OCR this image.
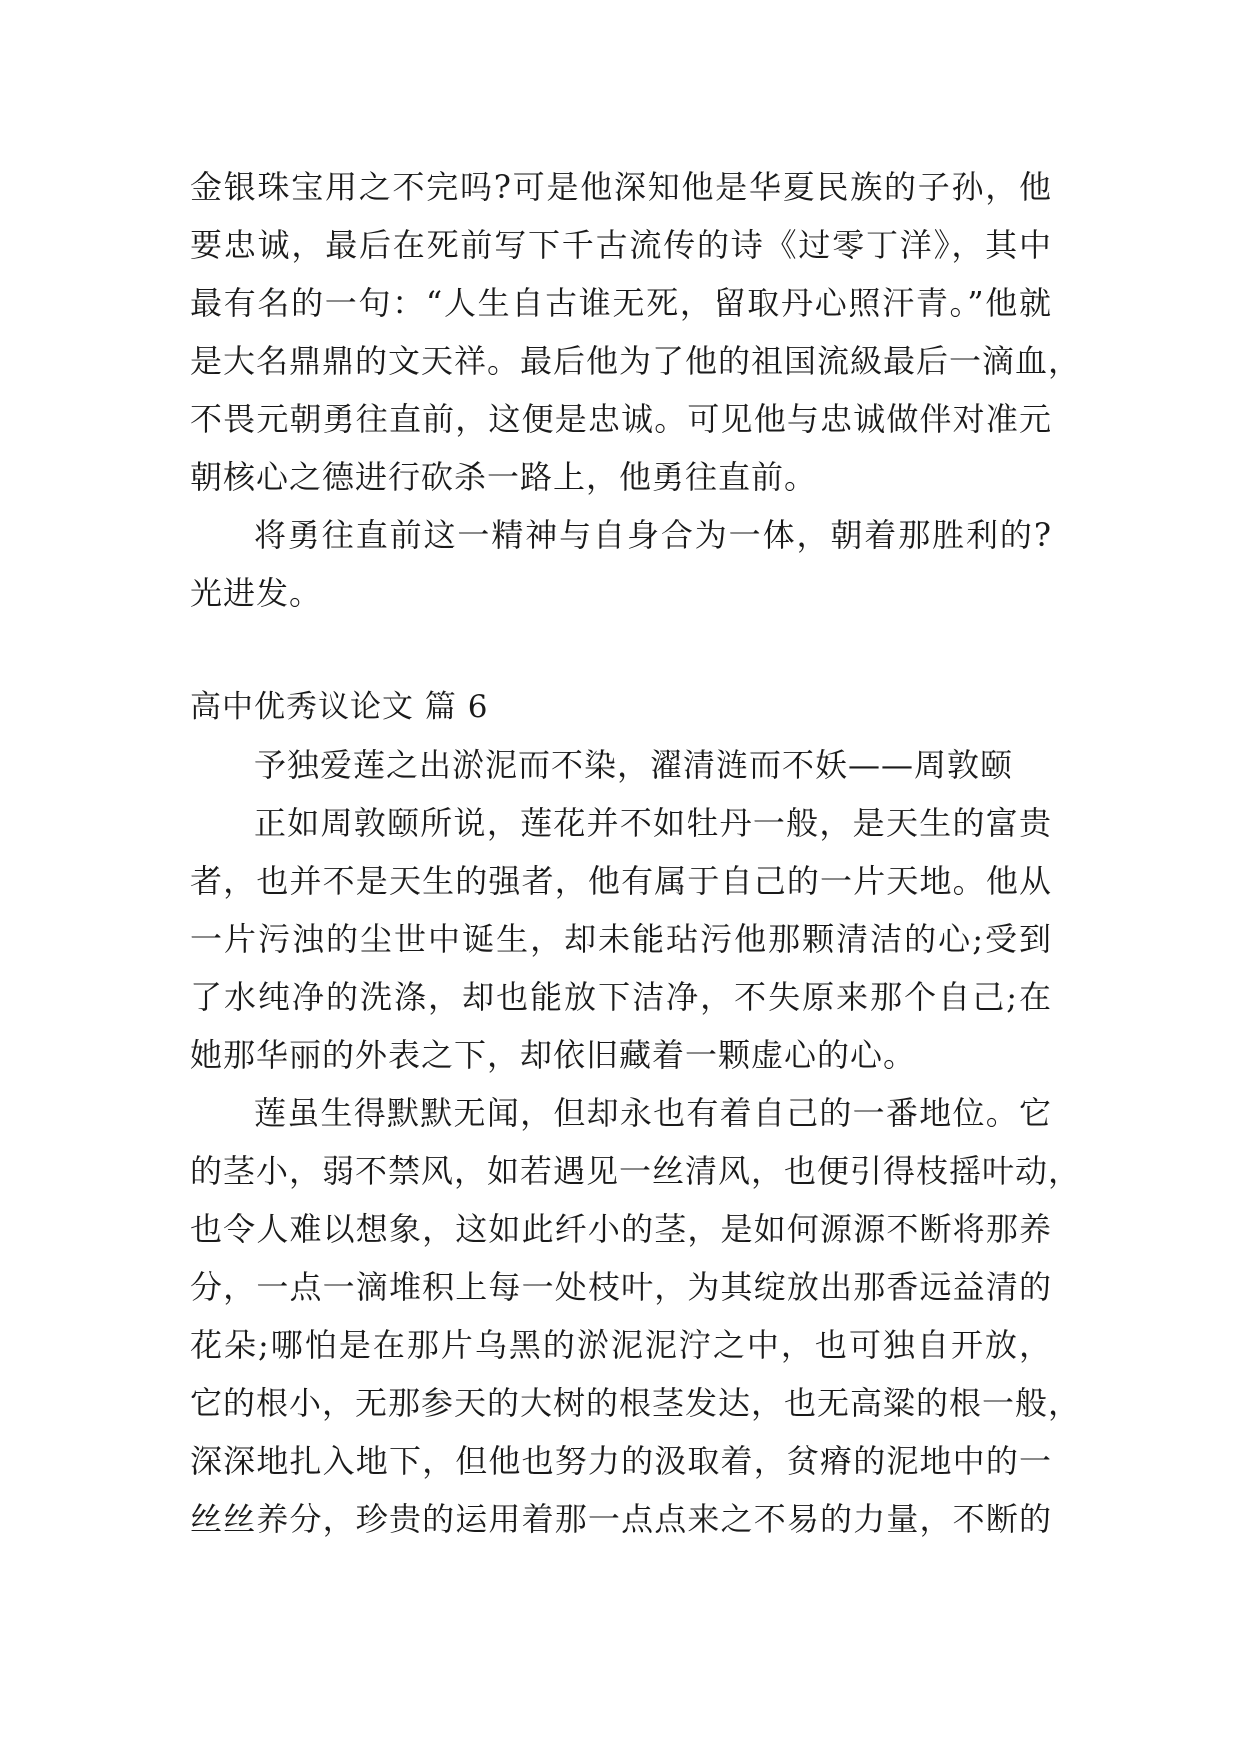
金银珠宝用之不完吗?可是他深知他是华夏民族的子孙，他
要忠诚，最后在死前写下千古流传的诗《过零丁洋》，其中
最有名的一句：“人生自古谁无死，留取丹心照汗青。”他就
是大名鼎鼎的文天祥。最后他为了他的祖国流級最后一滴血，
不畏元朝勇往直前，这便是忠诚。可见他与忠诚做伴对准元
朝核心之德进行砍杀一路上，他勇往直前。
将勇往直前这一精神与自身合为一体，朝着那胜利的?
光进发。
高中优秀议论文 篇 6
予独爱莲之出淤泥而不染，濯清涟而不妖——周敦颐
正如周敦颐所说，莲花并不如牡丹一般，是天生的富贵
者，也并不是天生的强者，他有属于自己的一片天地。他从
一片污浊的尘世中诞生，却未能玷污他那颗清洁的心;受到
了水纯净的洗涤，却也能放下洁净，不失原来那个自己;在
她那华丽的外表之下，却依旧藏着一颗虚心的心。
莲虽生得默默无闻，但却永也有着自己的一番地位。它
的茎小，弱不禁风，如若遇见一丝清风，也便引得枝摇叶动，
也令人难以想象，这如此纤小的茎，是如何源源不断将那养
分，一点一滴堆积上每一处枝叶，为其绽放出那香远益清的
花朵;哪怕是在那片乌黑的淤泥泥泞之中，也可独自开放，
它的根小，无那参天的大树的根茎发达，也无高粱的根一般，
深深地扎入地下，但他也努力的汲取着，贫瘠的泥地中的一
丝丝养分，珍贵的运用着那一点点来之不易的力量，不断的
